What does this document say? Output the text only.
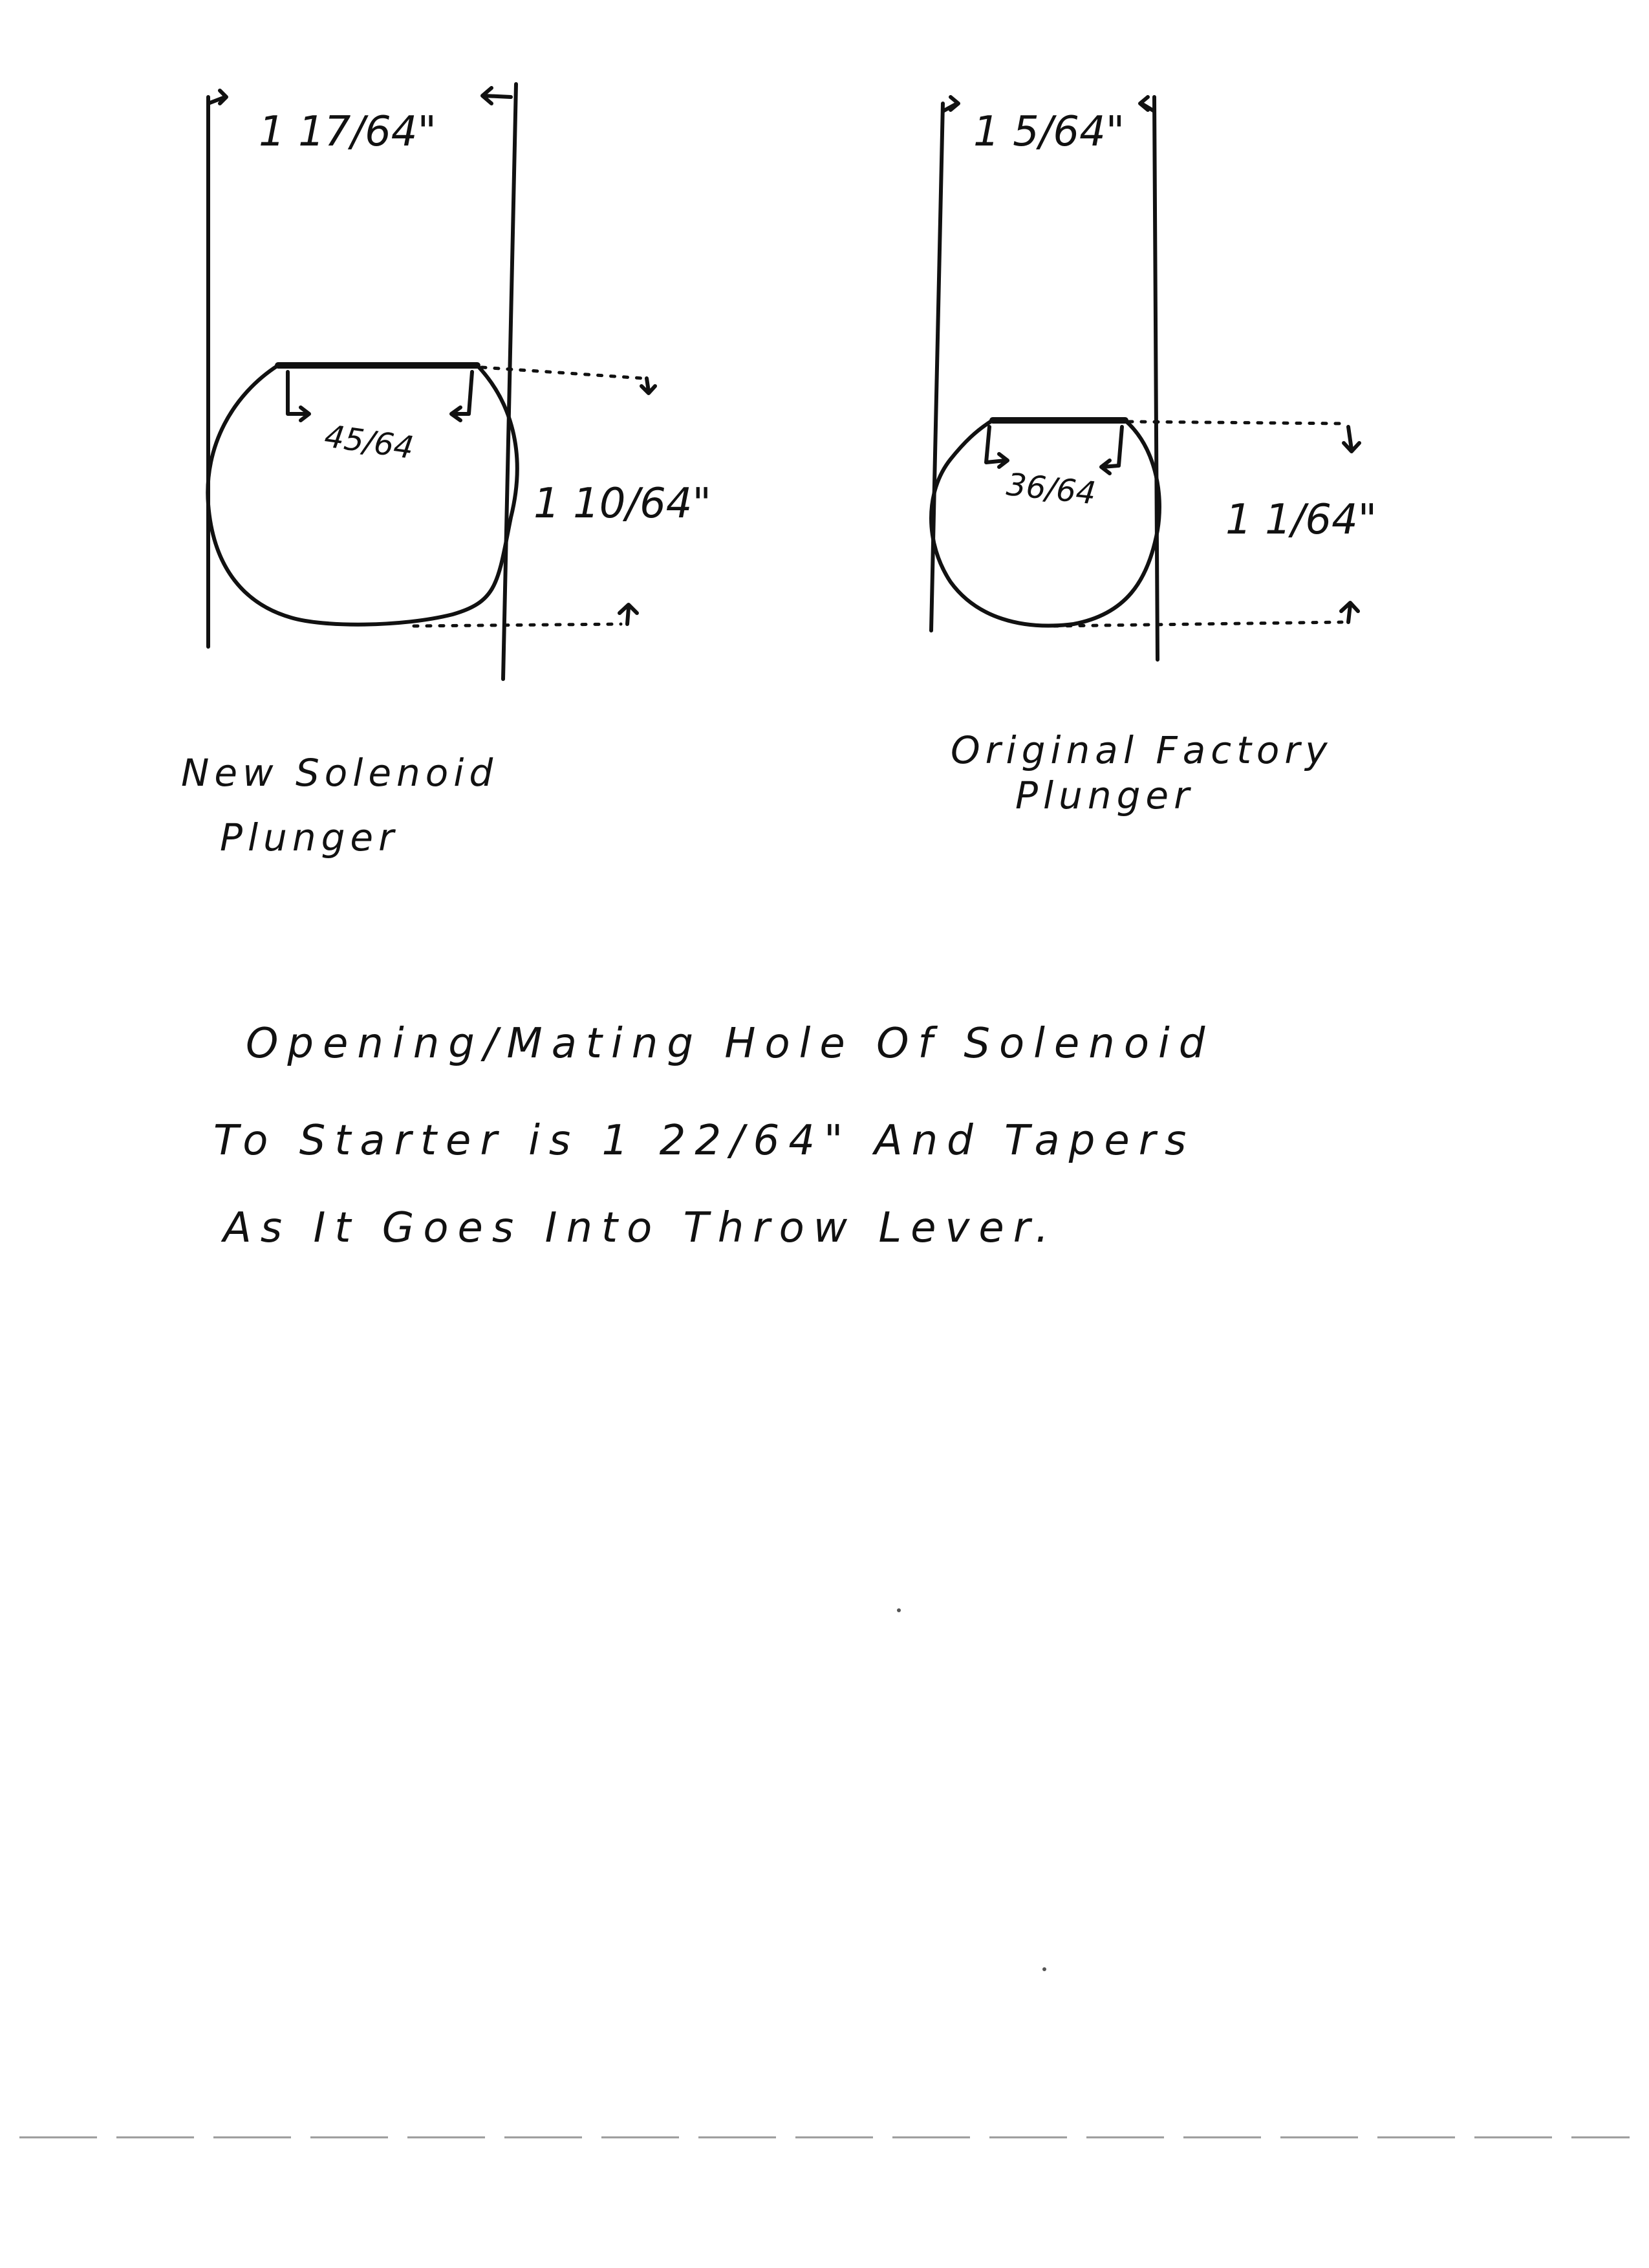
1 17/64"
45/64
1 10/64"
New Solenoid
Plunger
1 5/64"
36/64
1 1/64"
Original Factory
Plunger
Opening/Mating Hole Of Solenoid
To Starter is 1 22/64" And Tapers
As It Goes Into Throw Lever.
